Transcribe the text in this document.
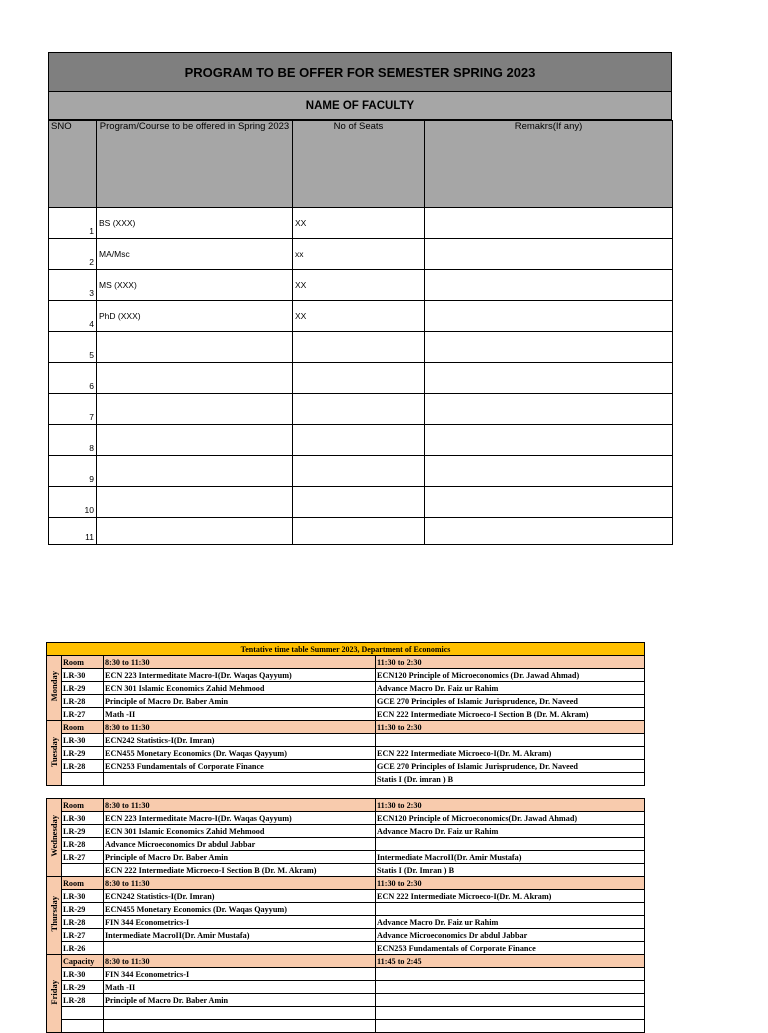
PROGRAM TO BE OFFER FOR SEMESTER SPRING 2023
NAME OF FACULTY
SNO	Program/Course to be offered in Spring 2023	No of Seats	Remakrs(If any)
1	BS (XXX)	XX	
2	MA/Msc	xx	
3	MS (XXX)	XX	
4	PhD (XXX)	XX	
5			
6			
7			
8			
9			
10			
11			
Tentative time table Summer 2023, Department of Economics			
Monday	Room	8:30 to 11:30	11:30 to 2:30
	LR-30	ECN 223 Intermeditate Macro-I(Dr. Waqas Qayyum)	ECN120 Principle of Microeconomics (Dr. Jawad Ahmad)
	LR-29	ECN 301 Islamic Economics Zahid Mehmood	Advance Macro Dr. Faiz ur Rahim
	LR-28	Principle of Macro Dr. Baber Amin	GCE 270 Principles of Islamic Jurisprudence, Dr. Naveed
	LR-27	Math -II	ECN 222 Intermediate Microeco-I Section B (Dr. M. Akram)
Tuesday	Room	8:30 to 11:30	11:30 to 2:30
	LR-30	ECN242 Statistics-I(Dr. Imran)	
	LR-29	ECN455 Monetary Economics (Dr. Waqas Qayyum)	ECN 222 Intermediate Microeco-I(Dr. M. Akram)
	LR-28	ECN253 Fundamentals of Corporate Finance	GCE 270 Principles of Islamic Jurisprudence, Dr. Naveed
			Statis I (Dr. imran ) B

Wednesday	Room	8:30 to 11:30	11:30 to 2:30
	LR-30	ECN 223 Intermeditate Macro-I(Dr. Waqas Qayyum)	ECN120 Principle of Microeconomics(Dr. Jawad Ahmad)
	LR-29	ECN 301 Islamic Economics Zahid Mehmood	Advance Macro Dr. Faiz ur Rahim
	LR-28	Advance Microeconomics Dr abdul Jabbar	
	LR-27	Principle of Macro Dr. Baber Amin	Intermediate MacroII(Dr. Amir Mustafa)
		ECN 222 Intermediate Microeco-I Section B (Dr. M. Akram)	Statis I (Dr. Imran ) B
Thursday	Room	8:30 to 11:30	11:30 to 2:30
	LR-30	ECN242 Statistics-I(Dr. Imran)	ECN 222 Intermediate Microeco-I(Dr. M. Akram)
	LR-29	ECN455 Monetary Economics (Dr. Waqas Qayyum)	
	LR-28	FIN 344 Econometrics-I	Advance Macro Dr. Faiz ur Rahim
	LR-27	Intermediate MacroII(Dr. Amir Mustafa)	Advance Microeconomics Dr abdul Jabbar
	LR-26		ECN253 Fundamentals of Corporate Finance
Friday	Capacity	8:30 to 11:30	11:45 to 2:45
	LR-30	FIN 344 Econometrics-I	
	LR-29	Math -II	
	LR-28	Principle of Macro Dr. Baber Amin	
